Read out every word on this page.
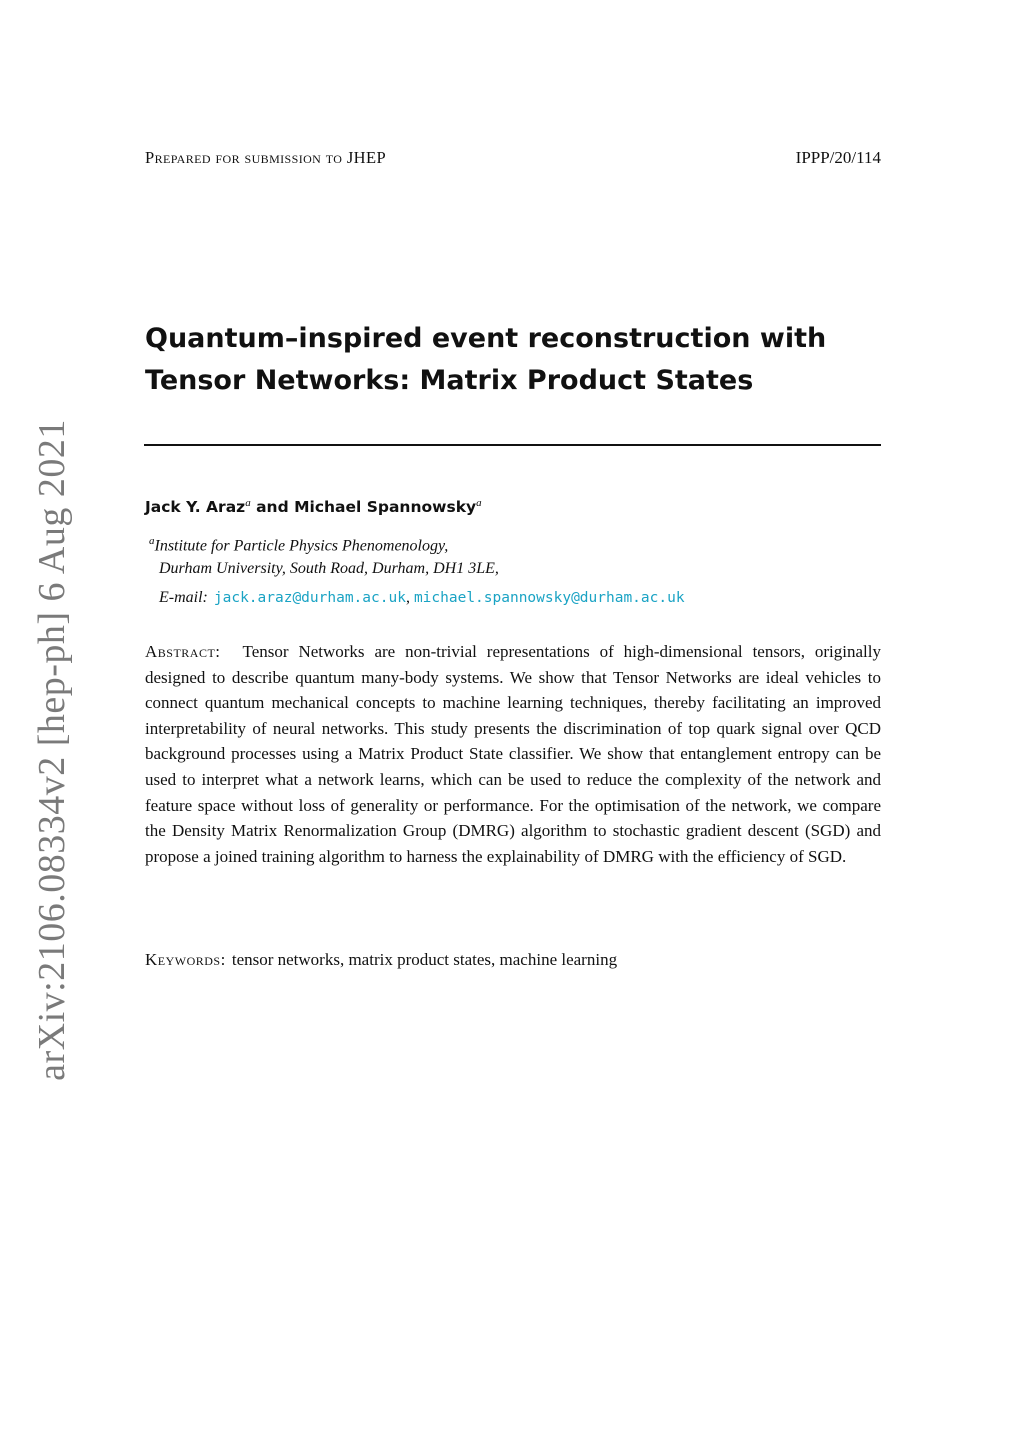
Prepared for submission to JHEP	IPPP/20/114
arXiv:2106.08334v2 [hep-ph] 6 Aug 2021
Quantum–inspired event reconstruction with
Tensor Networks: Matrix Product States
Jack Y. Araz$^a$ and Michael Spannowsky$^a$
$^a$Institute for Particle Physics Phenomenology,
Durham University, South Road, Durham, DH1 3LE,
E-mail: jack.araz@durham.ac.uk, michael.spannowsky@durham.ac.uk

Abstract: Tensor Networks are non-trivial representations of high-dimensional tensors, originally designed to describe quantum many-body systems. We show that Tensor Networks are ideal vehicles to connect quantum mechanical concepts to machine learning techniques, thereby facilitating an improved interpretability of neural networks. This study presents the discrimination of top quark signal over QCD background processes using a Matrix Product State classifier. We show that entanglement entropy can be used to interpret what a network learns, which can be used to reduce the complexity of the network and feature space without loss of generality or performance. For the optimisation of the network, we compare the Density Matrix Renormalization Group (DMRG) algorithm to stochastic gradient descent (SGD) and propose a joined training algorithm to harness the explainability of DMRG with the efficiency of SGD.

Keywords: tensor networks, matrix product states, machine learning
